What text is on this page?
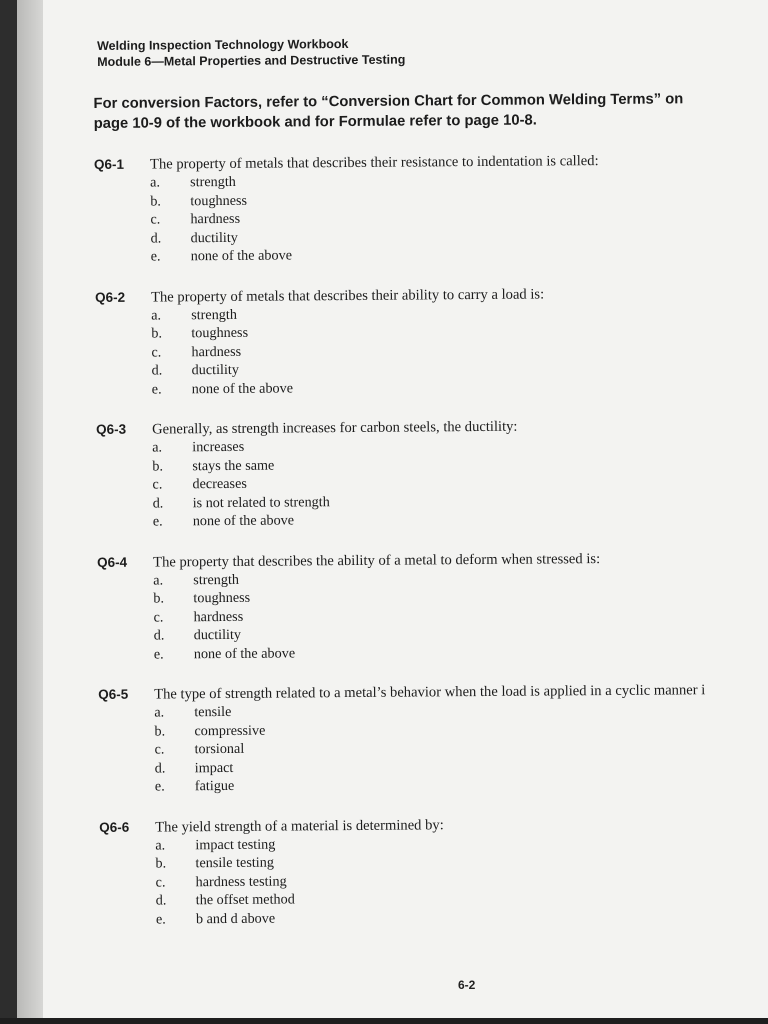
Welding Inspection Technology Workbook
Module 6—Metal Properties and Destructive Testing
For conversion Factors, refer to “Conversion Chart for Common Welding Terms” on
page 10-9 of the workbook and for Formulae refer to page 10-8.
Q6-1 The property of metals that describes their resistance to indentation is called:
a.	strength
b.	toughness
c.	hardness
d.	ductility
e.	none of the above
Q6-2 The property of metals that describes their ability to carry a load is:
a.	strength
b.	toughness
c.	hardness
d.	ductility
e.	none of the above
Q6-3 Generally, as strength increases for carbon steels, the ductility:
a.	increases
b.	stays the same
c.	decreases
d.	is not related to strength
e.	none of the above
Q6-4 The property that describes the ability of a metal to deform when stressed is:
a.	strength
b.	toughness
c.	hardness
d.	ductility
e.	none of the above
Q6-5 The type of strength related to a metal’s behavior when the load is applied in a cyclic manner i
a.	tensile
b.	compressive
c.	torsional
d.	impact
e.	fatigue
Q6-6 The yield strength of a material is determined by:
a.	impact testing
b.	tensile testing
c.	hardness testing
d.	the offset method
e.	b and d above
6-2
